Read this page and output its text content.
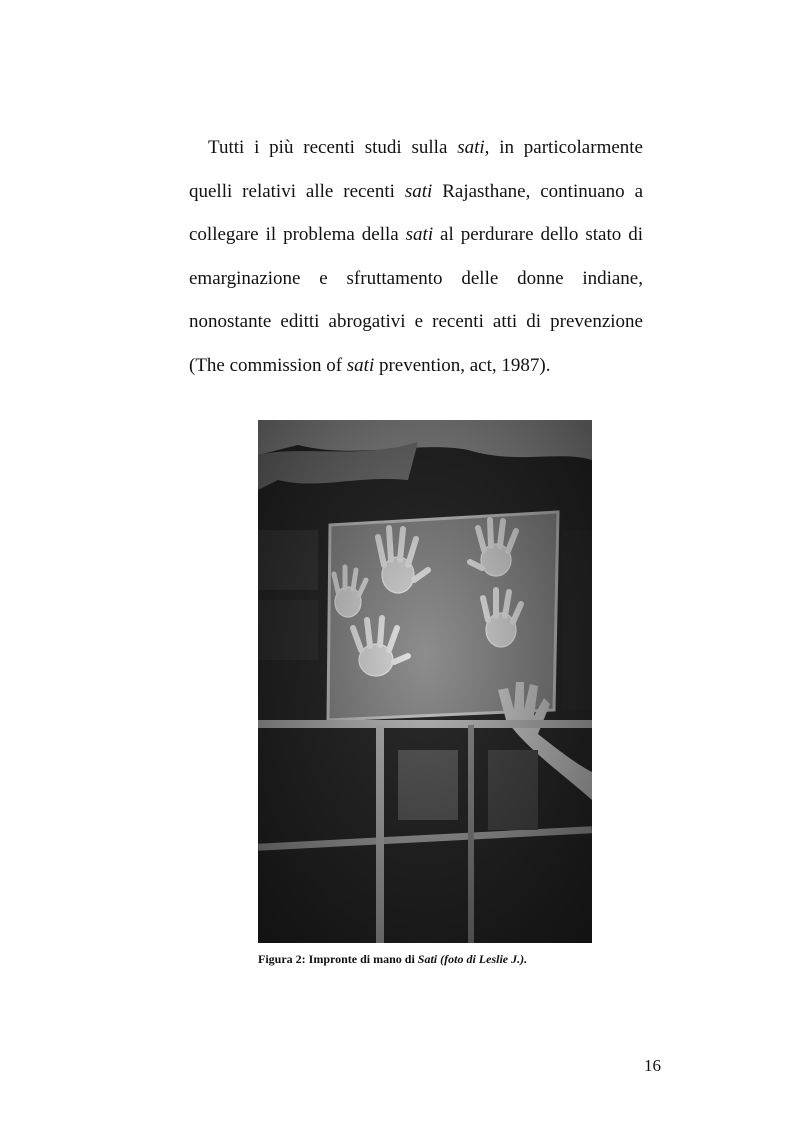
Tutti i più recenti studi sulla sati, in particolarmente
quelli relativi alle recenti sati Rajasthane, continuano a
collegare il problema della sati al perdurare dello stato di
emarginazione e sfruttamento delle donne indiane,
nonostante editti abrogativi e recenti atti di prevenzione
(The commission of sati prevention, act, 1987).
Figura 2: Impronte di mano di Sati (foto di Leslie J.).
16
